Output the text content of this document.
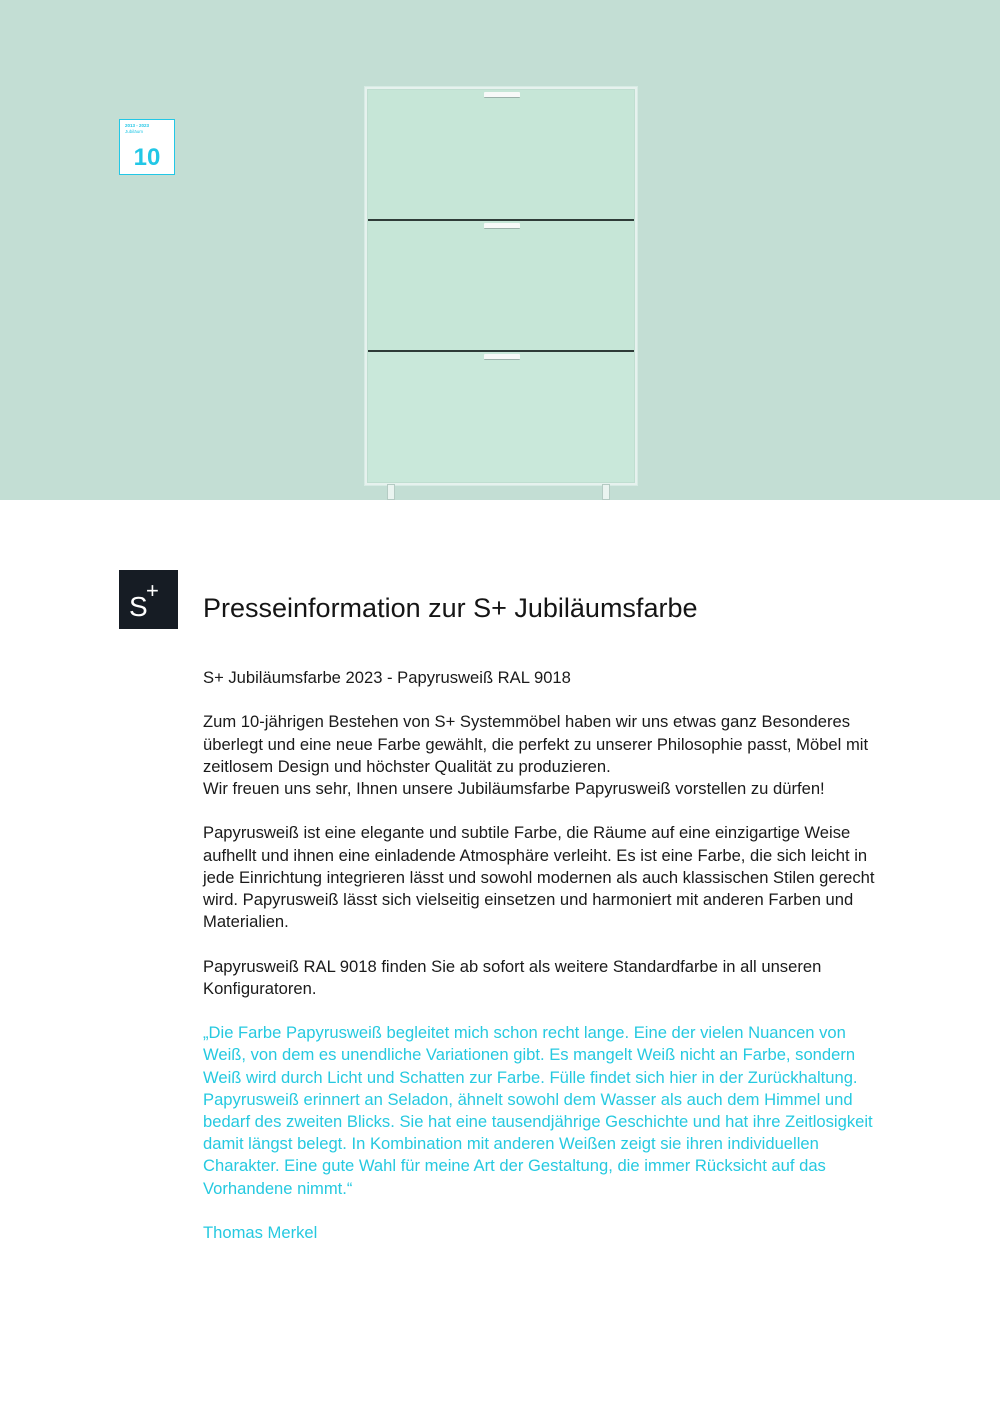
2013 - 2023
Jubiläum
10
S
+
Presseinformation zur S+ Jubiläumsfarbe

S+ Jubiläumsfarbe 2023 - Papyrusweiß RAL 9018

Zum 10-jährigen Bestehen von S+ Systemmöbel haben wir uns etwas ganz Besonderes überlegt und eine neue Farbe gewählt, die perfekt zu unserer Philosophie passt, Möbel mit zeitlosem Design und höchster Qualität zu produzieren.

Wir freuen uns sehr, Ihnen unsere Jubiläumsfarbe Papyrusweiß vorstellen zu dürfen!

Papyrusweiß ist eine elegante und subtile Farbe, die Räume auf eine einzigartige Weise aufhellt und ihnen eine einladende Atmosphäre verleiht. Es ist eine Farbe, die sich leicht in jede Einrichtung integrieren lässt und sowohl modernen als auch klassischen Stilen gerecht wird. Papyrusweiß lässt sich vielseitig einsetzen und harmoniert mit anderen Farben und Materialien.

Papyrusweiß RAL 9018 finden Sie ab sofort als weitere Standardfarbe in all unseren Konfiguratoren.

„Die Farbe Papyrusweiß begleitet mich schon recht lange. Eine der vielen Nuancen von Weiß, von dem es unendliche Variationen gibt. Es mangelt Weiß nicht an Farbe, sondern Weiß wird durch Licht und Schatten zur Farbe. Fülle findet sich hier in der Zurückhaltung.

Papyrusweiß erinnert an Seladon, ähnelt sowohl dem Wasser als auch dem Himmel und bedarf des zweiten Blicks. Sie hat eine tausendjährige Geschichte und hat ihre Zeitlosigkeit damit längst belegt. In Kombination mit anderen Weißen zeigt sie ihren individuellen Charakter. Eine gute Wahl für meine Art der Gestaltung, die immer Rücksicht auf das Vorhandene nimmt.“

Thomas Merkel
